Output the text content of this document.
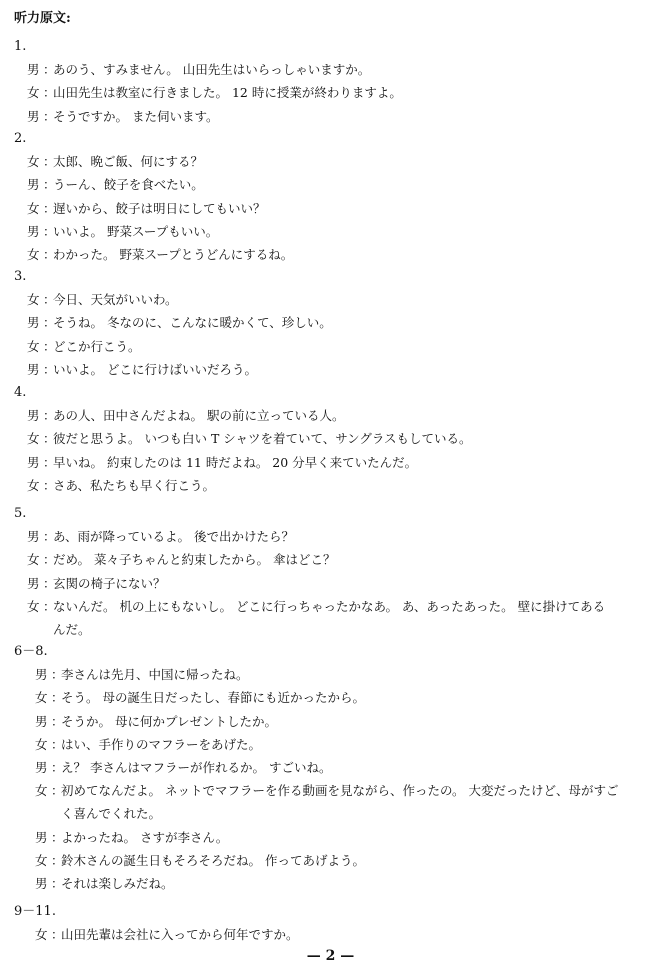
听力原文:
1.
男 ：
あのう、すみません。 山田先生はいらっしゃいますか。
女 ：
山田先生は教室に行きました。 12 時に授業が終わりますよ。
男 ：
そうですか。 また伺います。
2.
女 ：
太郎、晩ご飯、何にする？
男 ：
うーん、餃子を食べたい。
女 ：
遅いから、餃子は明日にしてもいい？
男 ：
いいよ。 野菜スープもいい。
女 ：
わかった。 野菜スープとうどんにするね。
3.
女 ：
今日、天気がいいわ。
男 ：
そうね。 冬なのに、こんなに暖かくて、珍しい。
女 ：
どこか行こう。
男 ：
いいよ。 どこに行けばいいだろう。
4.
男 ：
あの人、田中さんだよね。 駅の前に立っている人。
女 ：
彼だと思うよ。 いつも白い T シャツを着ていて、サングラスもしている。
男 ：
早いね。 約束したのは 11 時だよね。 20 分早く来ていたんだ。
女 ：
さあ、私たちも早く行こう。
5.
男 ：
あ、雨が降っているよ。 後で出かけたら？
女 ：
だめ。 菜々子ちゃんと約束したから。 傘はどこ？
男 ：
玄関の椅子にない？
女 ：
ないんだ。 机の上にもないし。 どこに行っちゃったかなあ。 あ、あったあった。 壁に掛けてある
んだ。
6－8.
男 ：
李さんは先月、中国に帰ったね。
女 ：
そう。 母の誕生日だったし、春節にも近かったから。
男 ：
そうか。 母に何かプレゼントしたか。
女 ：
はい、手作りのマフラーをあげた。
男 ：
え？ 李さんはマフラーが作れるか。 すごいね。
女 ：
初めてなんだよ。 ネットでマフラーを作る動画を見ながら、作ったの。 大変だったけど、母がすご
く喜んでくれた。
男 ：
よかったね。 さすが李さん。
女 ：
鈴木さんの誕生日もそろそろだね。 作ってあげよう。
男 ：
それは楽しみだね。
9－11.
女 ：
山田先輩は会社に入ってから何年ですか。
— 2 —
